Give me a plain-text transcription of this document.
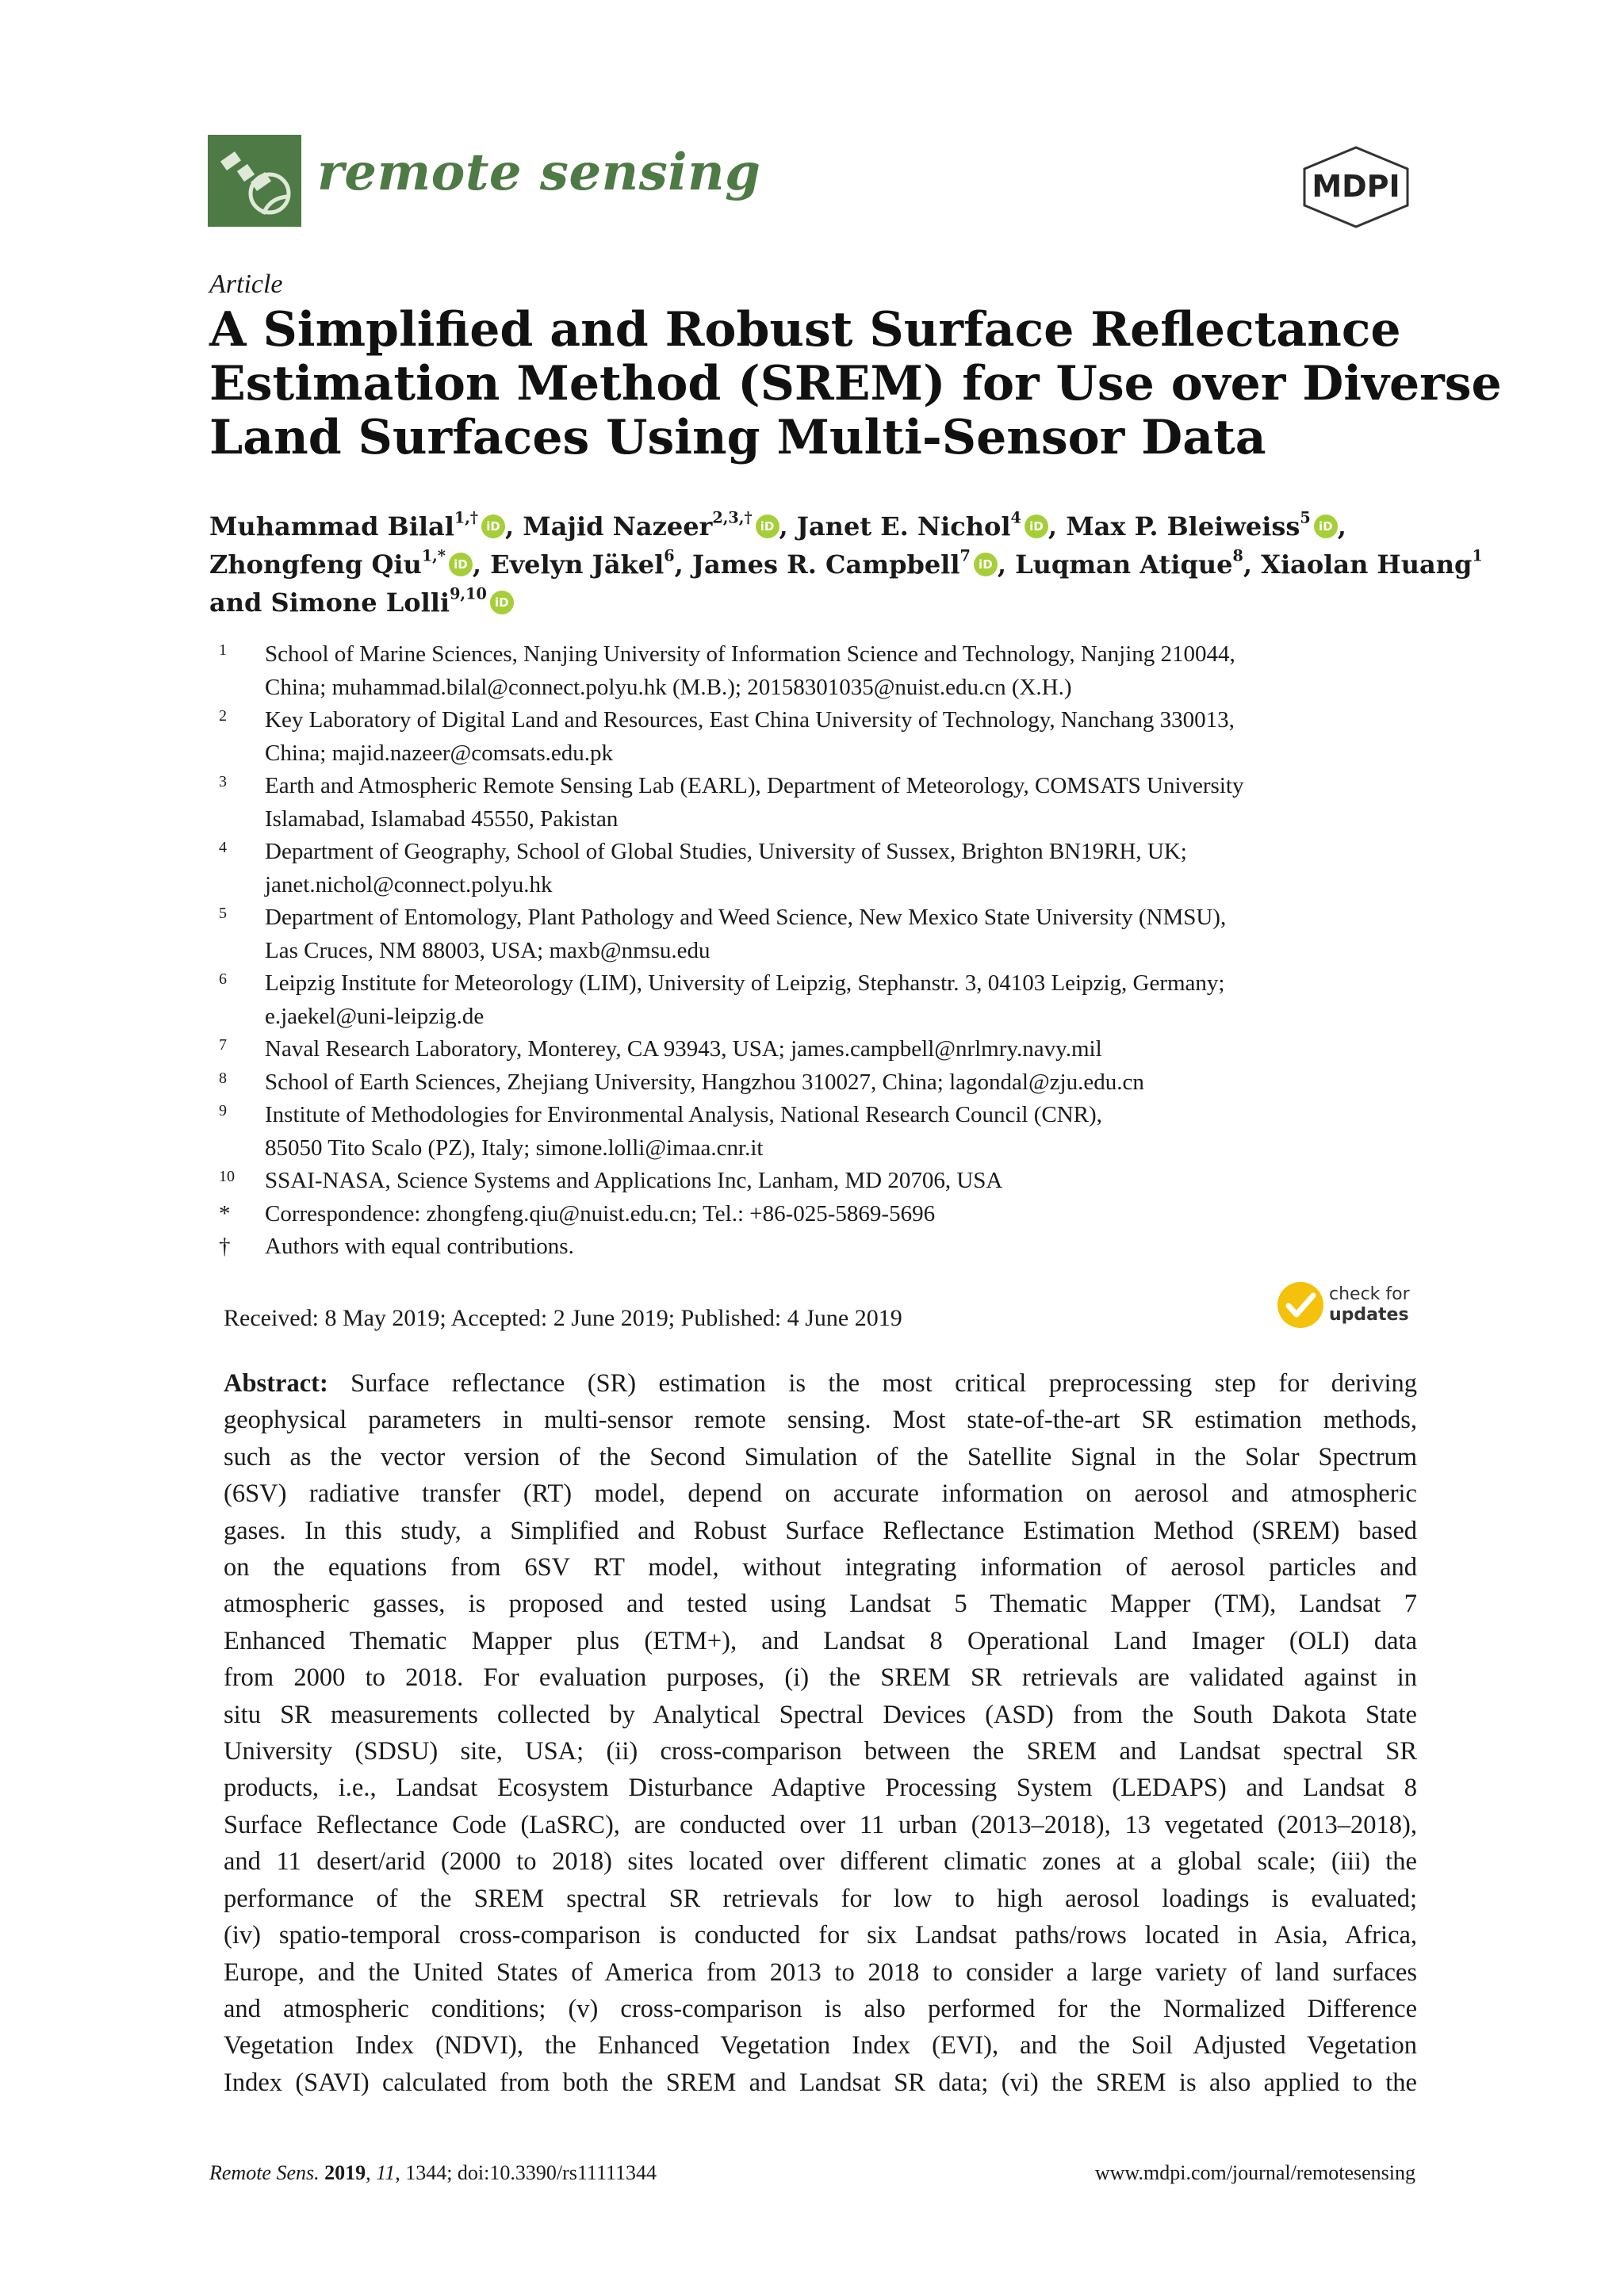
remote sensing	MDPI
Article
A Simplified and Robust Surface Reflectance
Estimation Method (SREM) for Use over Diverse
Land Surfaces Using Multi-Sensor Data
Muhammad Bilal$^{1,\dagger}$ iD , Majid Nazeer$^{2,3,\dagger}$ iD , Janet E. Nichol$^4$ iD , Max P. Bleiweiss$^5$ iD ,
Zhongfeng Qiu$^{1,*}$ iD , Evelyn Jäkel$^6$, James R. Campbell$^7$ iD , Luqman Atique$^8$, Xiaolan Huang$^1$
and Simone Lolli$^{9,10}$ iD
1 School of Marine Sciences, Nanjing University of Information Science and Technology, Nanjing 210044,
China; muhammad.bilal@connect.polyu.hk (M.B.); 20158301035@nuist.edu.cn (X.H.)
2 Key Laboratory of Digital Land and Resources, East China University of Technology, Nanchang 330013,
China; majid.nazeer@comsats.edu.pk
3 Earth and Atmospheric Remote Sensing Lab (EARL), Department of Meteorology, COMSATS University
Islamabad, Islamabad 45550, Pakistan
4 Department of Geography, School of Global Studies, University of Sussex, Brighton BN19RH, UK;
janet.nichol@connect.polyu.hk
5 Department of Entomology, Plant Pathology and Weed Science, New Mexico State University (NMSU),
Las Cruces, NM 88003, USA; maxb@nmsu.edu
6 Leipzig Institute for Meteorology (LIM), University of Leipzig, Stephanstr. 3, 04103 Leipzig, Germany;
e.jaekel@uni-leipzig.de
7 Naval Research Laboratory, Monterey, CA 93943, USA; james.campbell@nrlmry.navy.mil
8 School of Earth Sciences, Zhejiang University, Hangzhou 310027, China; lagondal@zju.edu.cn
9 Institute of Methodologies for Environmental Analysis, National Research Council (CNR),
85050 Tito Scalo (PZ), Italy; simone.lolli@imaa.cnr.it
10 SSAI-NASA, Science Systems and Applications Inc, Lanham, MD 20706, USA
* Correspondence: zhongfeng.qiu@nuist.edu.cn; Tel.: +86-025-5869-5696
† Authors with equal contributions.
Received: 8 May 2019; Accepted: 2 June 2019; Published: 4 June 2019
check for
updates
Abstract: Surface reflectance (SR) estimation is the most critical preprocessing step for deriving
geophysical parameters in multi-sensor remote sensing. Most state-of-the-art SR estimation methods,
such as the vector version of the Second Simulation of the Satellite Signal in the Solar Spectrum
(6SV) radiative transfer (RT) model, depend on accurate information on aerosol and atmospheric
gases. In this study, a Simplified and Robust Surface Reflectance Estimation Method (SREM) based
on the equations from 6SV RT model, without integrating information of aerosol particles and
atmospheric gasses, is proposed and tested using Landsat 5 Thematic Mapper (TM), Landsat 7
Enhanced Thematic Mapper plus (ETM+), and Landsat 8 Operational Land Imager (OLI) data
from 2000 to 2018. For evaluation purposes, (i) the SREM SR retrievals are validated against in
situ SR measurements collected by Analytical Spectral Devices (ASD) from the South Dakota State
University (SDSU) site, USA; (ii) cross-comparison between the SREM and Landsat spectral SR
products, i.e., Landsat Ecosystem Disturbance Adaptive Processing System (LEDAPS) and Landsat 8
Surface Reflectance Code (LaSRC), are conducted over 11 urban (2013–2018), 13 vegetated (2013–2018),
and 11 desert/arid (2000 to 2018) sites located over different climatic zones at a global scale; (iii) the
performance of the SREM spectral SR retrievals for low to high aerosol loadings is evaluated;
(iv) spatio-temporal cross-comparison is conducted for six Landsat paths/rows located in Asia, Africa,
Europe, and the United States of America from 2013 to 2018 to consider a large variety of land surfaces
and atmospheric conditions; (v) cross-comparison is also performed for the Normalized Difference
Vegetation Index (NDVI), the Enhanced Vegetation Index (EVI), and the Soil Adjusted Vegetation
Index (SAVI) calculated from both the SREM and Landsat SR data; (vi) the SREM is also applied to the
Remote Sens. 2019, 11, 1344; doi:10.3390/rs11111344	www.mdpi.com/journal/remotesensing
